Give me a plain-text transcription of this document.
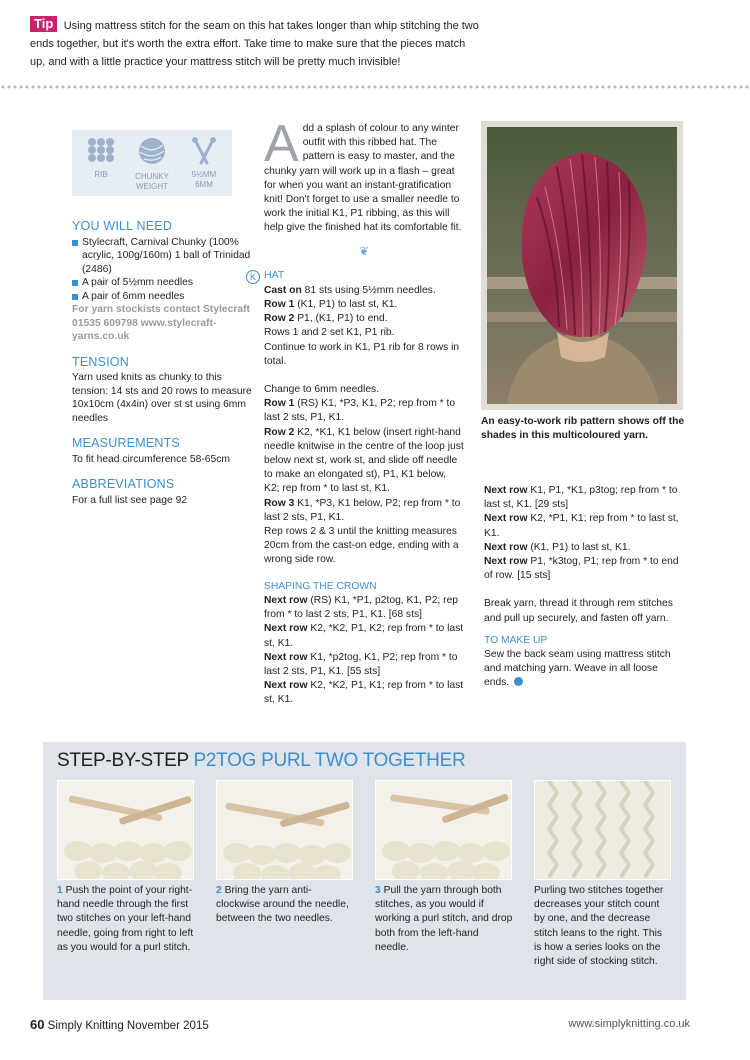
Tip Using mattress stitch for the seam on this hat takes longer than whip stitching the two ends together, but it's worth the extra effort. Take time to make sure that the pieces match up, and with a little practice your mattress stitch will be pretty much invisible!
RIB	CHUNKY WEIGHT
5½MM 6MM
YOU WILL NEED
Stylecraft, Carnival Chunky (100% acrylic, 100g/160m) 1 ball of Trinidad (2486)
A pair of 5½mm needles
A pair of 6mm needles
For yarn stockists contact Stylecraft 01535 609798 www.stylecraft-yarns.co.uk
TENSION
Yarn used knits as chunky to this tension: 14 sts and 20 rows to measure 10x10cm (4x4in) over st st using 6mm needles
MEASUREMENTS
To fit head circumference 58-65cm
ABBREVIATIONS
For a full list see page 92
Add a splash of colour to any winter outfit with this ribbed hat. The pattern is easy to master, and the chunky yarn will work up in a flash – great for when you want an instant-gratification knit! Don't forget to use a smaller needle to work the initial K1, P1 ribbing, as this will help give the finished hat its comfortable fit.
❦
K HAT
Cast on 81 sts using 5½mm needles.
Row 1 (K1, P1) to last st, K1.
Row 2 P1, (K1, P1) to end.
Rows 1 and 2 set K1, P1 rib.
Continue to work in K1, P1 rib for 8 rows in total.
Change to 6mm needles.
Row 1 (RS) K1, *P3, K1, P2; rep from * to last 2 sts, P1, K1.
Row 2 K2, *K1, K1 below (insert right-hand needle knitwise in the centre of the loop just below next st, work st, and slide off needle to make an elongated st), P1, K1 below, K2; rep from * to last st, K1.
Row 3 K1, *P3, K1 below, P2; rep from * to last 2 sts, P1, K1.
Rep rows 2 & 3 until the knitting measures 20cm from the cast-on edge, ending with a wrong side row.
SHAPING THE CROWN
Next row (RS) K1, *P1, p2tog, K1, P2; rep from * to last 2 sts, P1, K1. [68 sts]
Next row K2, *K2, P1, K2; rep from * to last st, K1.
Next row K1, *p2tog, K1, P2; rep from * to last 2 sts, P1, K1. [55 sts]
Next row K2, *K2, P1, K1; rep from * to last st, K1.
An easy-to-work rib pattern shows off the shades in this multicoloured yarn.
Next row K1, P1, *K1, p3tog; rep from * to last st, K1. [29 sts]
Next row K2, *P1, K1; rep from * to last st, K1.
Next row (K1, P1) to last st, K1.
Next row P1, *k3tog, P1; rep from * to end of row. [15 sts]
Break yarn, thread it through rem stitches and pull up securely, and fasten off yarn.
TO MAKE UP
Sew the back seam using mattress stitch and matching yarn. Weave in all loose ends.
STEP-BY-STEP P2TOG PURL TWO TOGETHER
1 Push the point of your right-hand needle through the first two stitches on your left-hand needle, going from right to left as you would for a purl stitch.
2 Bring the yarn anti-clockwise around the needle, between the two needles.
3 Pull the yarn through both stitches, as you would if working a purl stitch, and drop both from the left-hand needle.
Purling two stitches together decreases your stitch count by one, and the decrease stitch leans to the right. This is how a series looks on the right side of stocking stitch.
60 Simply Knitting November 2015	www.simplyknitting.co.uk
